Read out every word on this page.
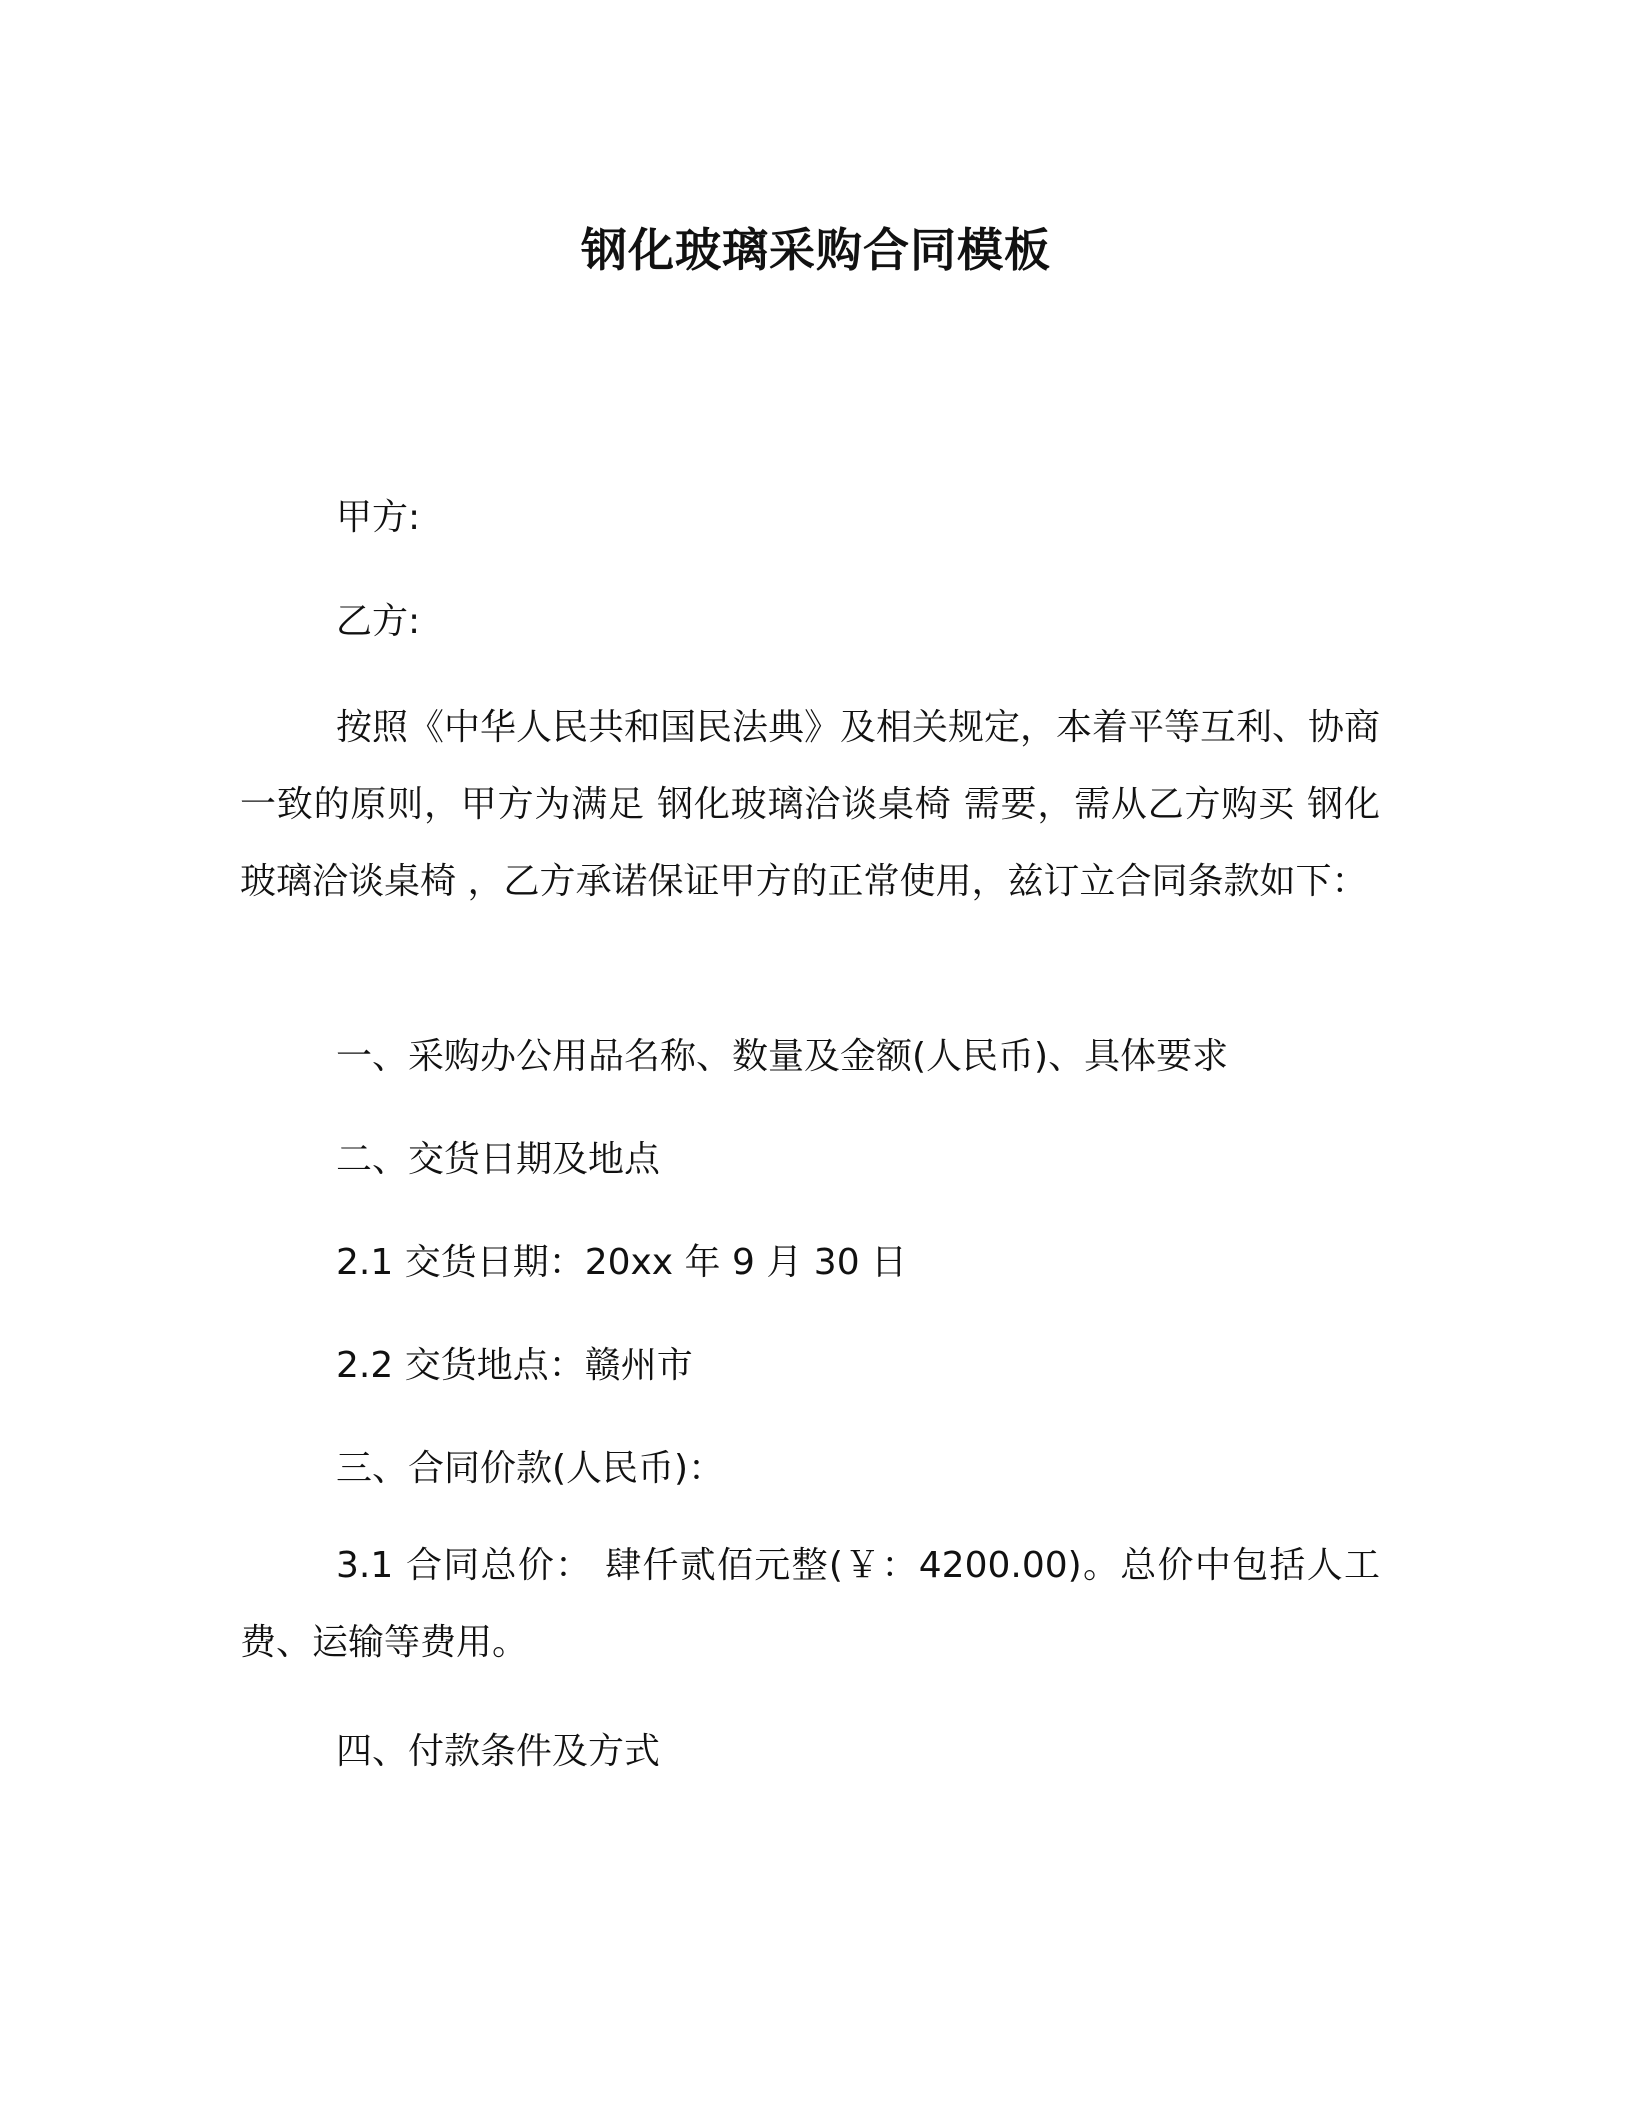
钢化玻璃采购合同模板
甲方:
乙方:
按照《中华人民共和国民法典》及相关规定，本着平等互利、协商一致的原则，甲方为满足 钢化玻璃洽谈桌椅 需要，需从乙方购买 钢化玻璃洽谈桌椅 ，乙方承诺保证甲方的正常使用，兹订立合同条款如下：
一、采购办公用品名称、数量及金额(人民币)、具体要求
二、交货日期及地点
2.1 交货日期：20xx 年 9 月 30 日
2.2 交货地点：赣州市
三、合同价款(人民币)：
3.1 合同总价： 肆仟贰佰元整(￥：4200.00)。总价中包括人工费、运输等费用。
四、付款条件及方式
